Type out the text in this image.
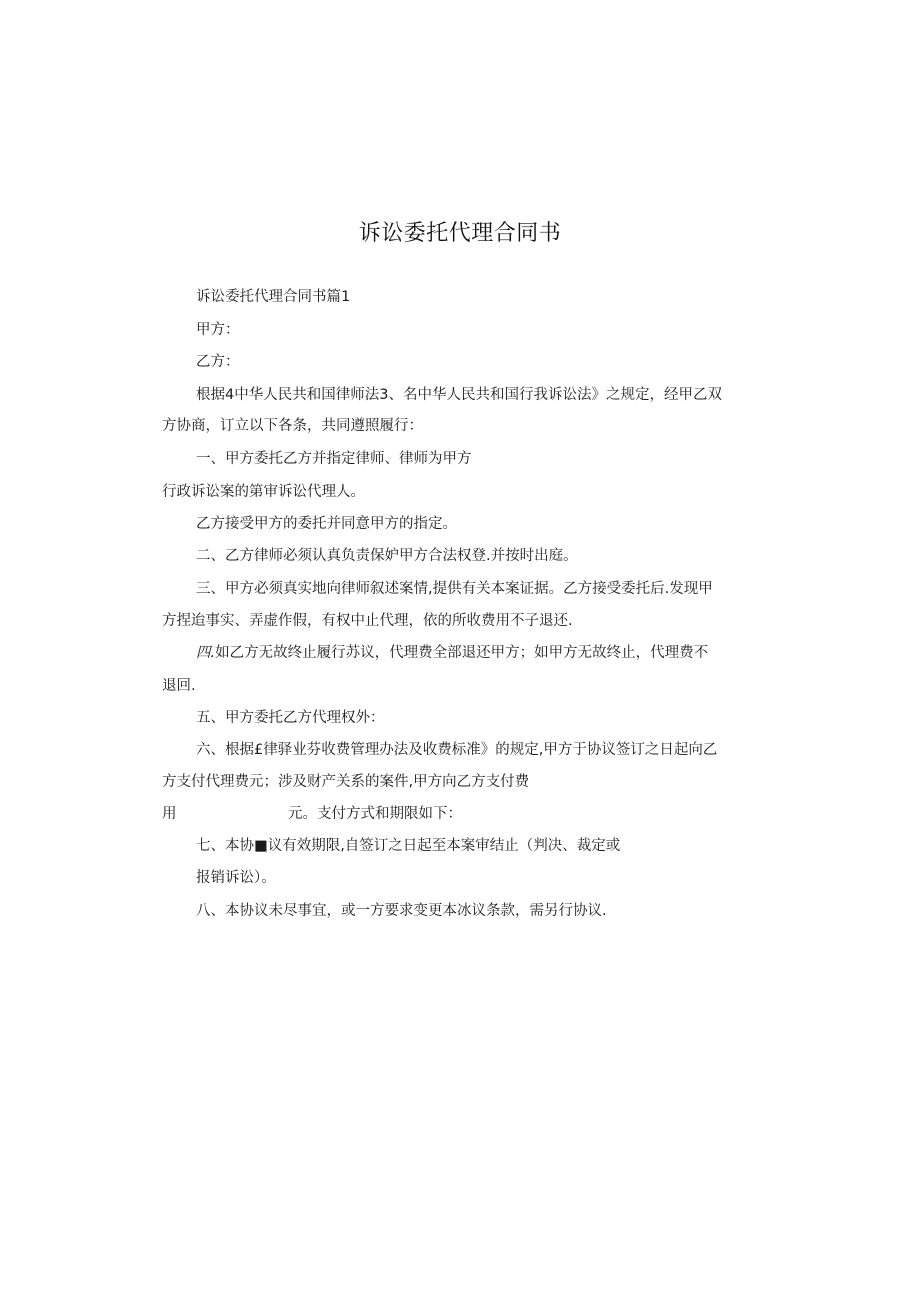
诉讼委托代理合同书
诉讼委托代理合同书篇1
甲方：
乙方：
根据4中华人民共和国律师法3、名中华人民共和国行我诉讼法》之规定，经甲乙双
方协商，订立以下各条，共同遵照履行：
一、甲方委托乙方并指定律师、律师为甲方
行政诉讼案的第审诉讼代理人。
乙方接受甲方的委托并同意甲方的指定。
二、乙方律师必须认真负责保妒甲方合法权登.并按时出庭。
三、甲方必须真实地向律师叙述案情,提供有关本案证据。乙方接受委托后.发现甲
方捏迨事实、弄虚作假，有权中止代理，依的所收费用不子退还.
四.如乙方无故终止履行苏议，代理费全部退还甲方；如甲方无故终止，代理费不
退回.
五、甲方委托乙方代理权外：
六、根据£律驿业芬收费管理办法及收费标准》的规定,甲方于协议签订之日起向乙
方支付代理费元；涉及财产关系的案件,甲方向乙方支付费
用	元。支付方式和期限如下：
七、本协■议有效期限,自签订之日起至本案审结止（判决、裁定或
报销诉讼）。
八、本协议未尽事宜，或一方要求变更本冰议条款，需另行协议.
